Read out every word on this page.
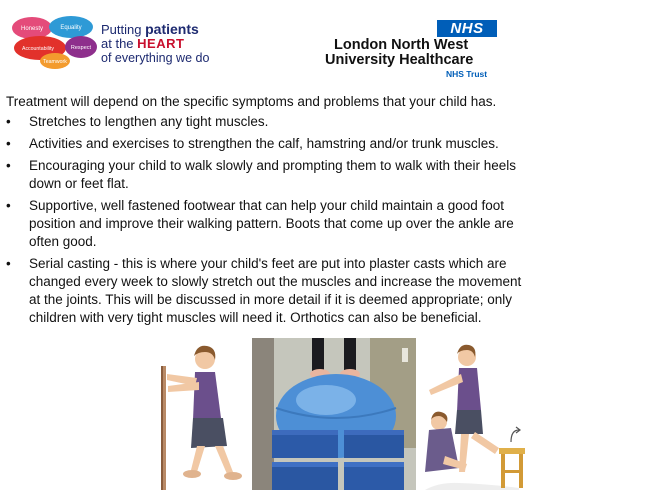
Honesty	Equality
Accountability	Respect
Teamwork
Putting patients
at the HEART
of everything we do
NHS
London North West
University Healthcare
NHS Trust
Treatment will depend on the specific symptoms and problems that your child has.
• Stretches to lengthen any tight muscles.
• Activities and exercises to strengthen the calf, hamstring and/or trunk muscles.
• Encouraging your child to walk slowly and prompting them to walk with their heels down or feet flat.
• Supportive, well fastened footwear that can help your child maintain a good foot position and improve their walking pattern. Boots that come up over the ankle are often good.
• Serial casting - this is where your child's feet are put into plaster casts which are changed every week to slowly stretch out the muscles and increase the movement at the joints. This will be discussed in more detail if it is deemed appropriate; only children with very tight muscles will need it. Orthotics can also be beneficial.
